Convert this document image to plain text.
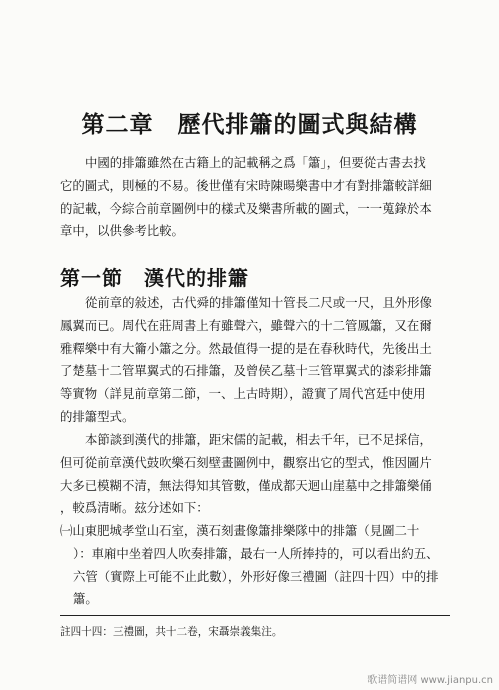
第二章　歷代排簫的圖式與結構

中國的排簫雖然在古籍上的記載稱之爲「簫」，但要從古書去找
它的圖式，則極的不易。後世僅有宋時陳暘樂書中才有對排簫較詳細
的記載，今綜合前章圖例中的樣式及樂書所載的圖式，一一蒐錄於本
章中，以供參考比較。

第一節　漢代的排簫

從前章的敍述，古代舜的排簫僅知十管長二尺或一尺，且外形像
鳳翼而已。周代在莊周書上有雖聲六，雖聲六的十二管鳳簫，又在爾
雅釋樂中有大籥小簫之分。然最值得一提的是在春秋時代，先後出土
了楚墓十二管單翼式的石排簫，及曾侯乙墓十三管單翼式的漆彩排簫
等實物（詳見前章第二節，一、上古時期），證實了周代宮廷中使用
的排簫型式。

本節談到漢代的排簫，距宋儒的記載，相去千年，已不足採信，
但可從前章漢代鼓吹樂石刻壁畫圖例中，觀察出它的型式，惟因圖片
大多已模糊不清，無法得知其管數，僅成都天迴山崖墓中之排簫樂俑
，較爲清晰。玆分述如下：

㈠山東肥城孝堂山石室，漢石刻畫像簫排樂隊中的排簫（見圖二十
）：車廂中坐着四人吹奏排簫，最右一人所捧持的，可以看出約五、
六管（實際上可能不止此數），外形好像三禮圖（註四十四）中的排
簫。

註四十四：三禮圖，共十二卷，宋聶崇義集注。
歌谱简谱网 www.jianpu.cn
